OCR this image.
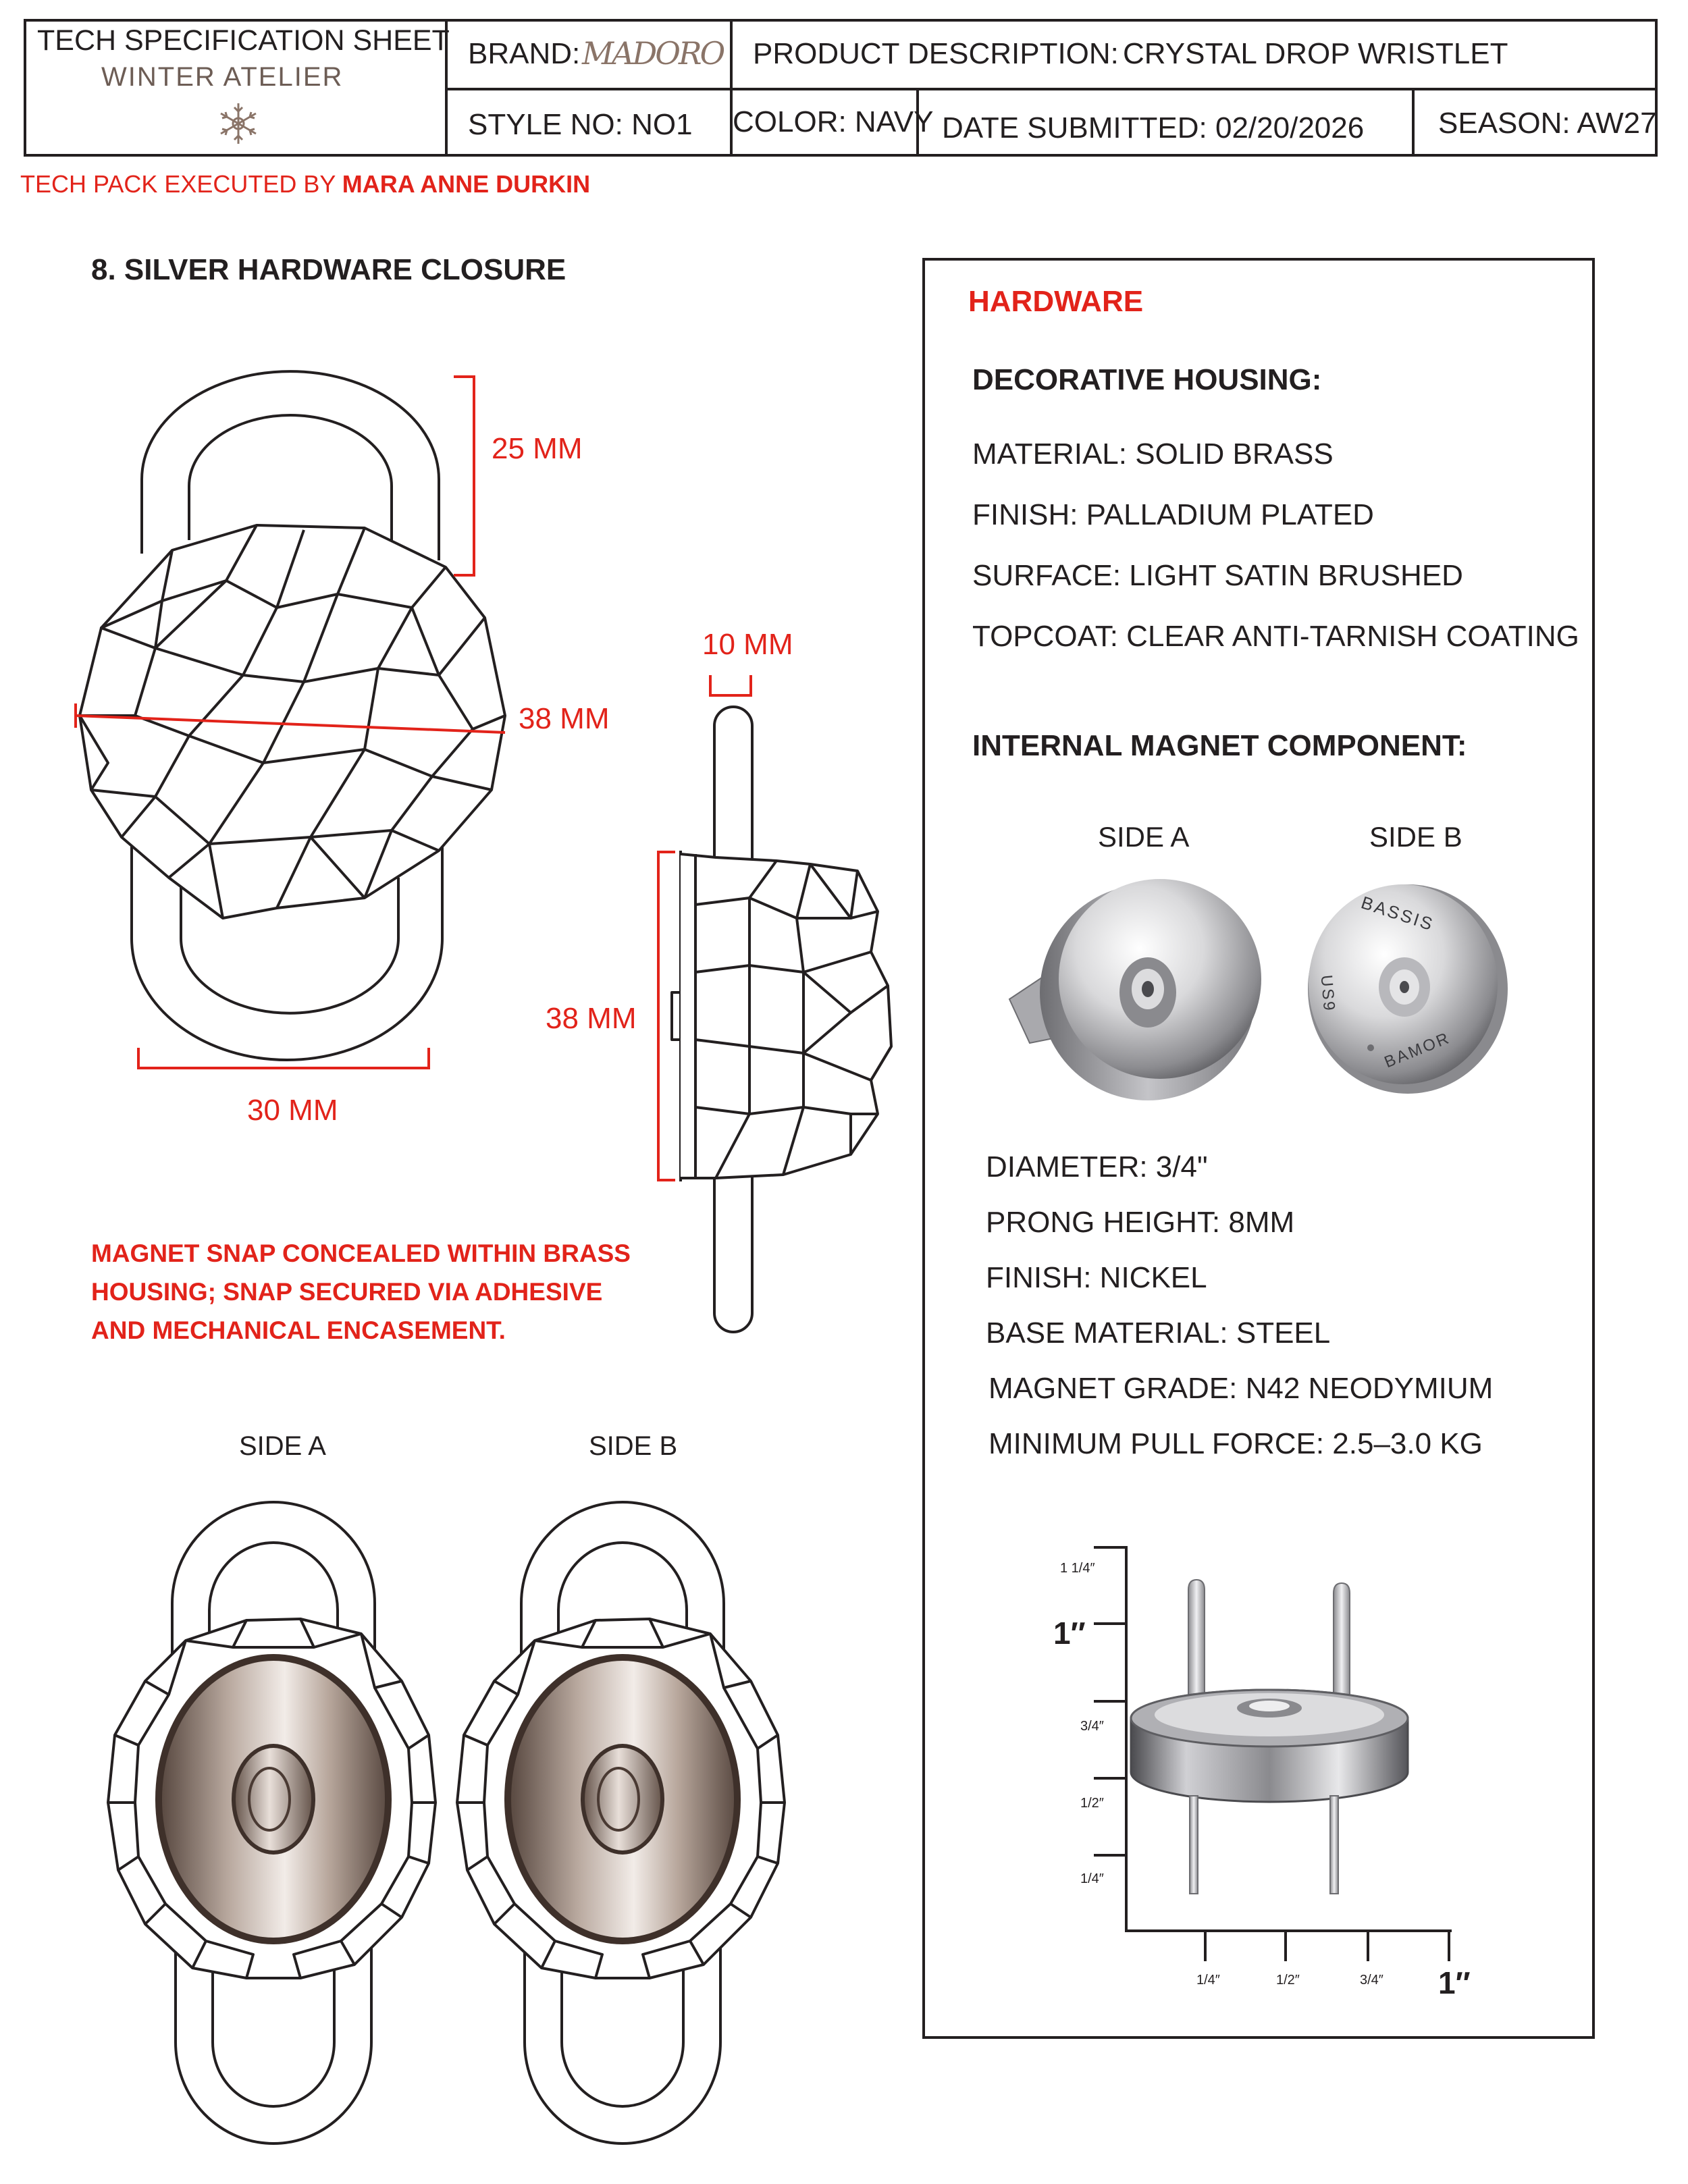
TECH SPECIFICATION SHEET
WINTER ATELIER
BRAND: MADORO PRODUCT DESCRIPTION: CRYSTAL DROP WRISTLET
STYLE NO: NO1 COLOR: NAVY DATE SUBMITTED: 02/20/2026 SEASON: AW27
TECH PACK EXECUTED BY MARA ANNE DURKIN
8. SILVER HARDWARE CLOSURE
25 MM
38 MM
30 MM
10 MM
38 MM
MAGNET SNAP CONCEALED WITHIN BRASS
HOUSING; SNAP SECURED VIA ADHESIVE
AND MECHANICAL ENCASEMENT.
SIDE A	SIDE B
HARDWARE
DECORATIVE HOUSING:
MATERIAL: SOLID BRASS
FINISH: PALLADIUM PLATED
SURFACE: LIGHT SATIN BRUSHED
TOPCOAT: CLEAR ANTI-TARNISH COATING
INTERNAL MAGNET COMPONENT:
SIDE A	SIDE B
BASSIS
BAMOR
US9
DIAMETER: 3/4"
PRONG HEIGHT: 8MM
FINISH: NICKEL
BASE MATERIAL: STEEL
MAGNET GRADE: N42 NEODYMIUM
MINIMUM PULL FORCE: 2.5–3.0 KG
1 1/4″
1″
3/4″
1/2″
1/4″
1/4″	1/2″	3/4″ 1″
